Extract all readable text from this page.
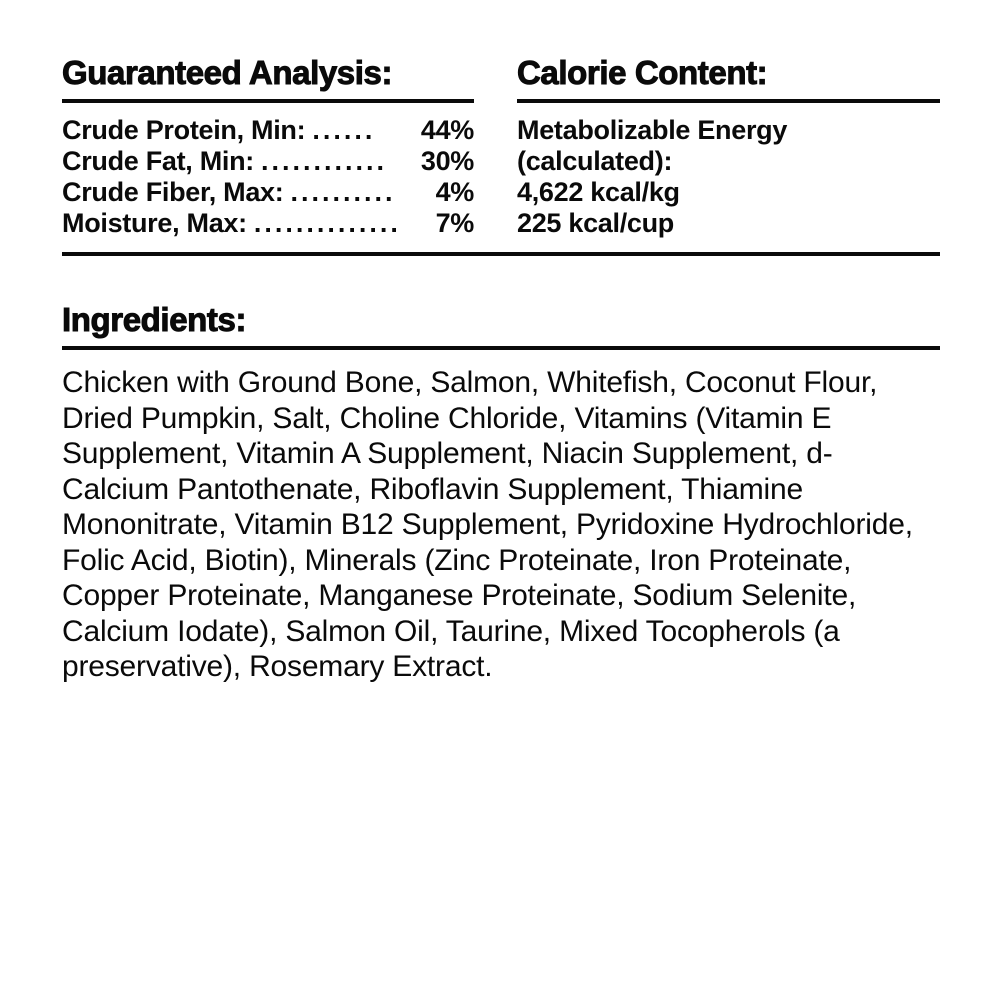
Guaranteed Analysis:
Crude Protein, Min: ...... 44%
Crude Fat, Min: ............ 30%
Crude Fiber, Max: .......... 4%
Moisture, Max: .............. 7%
Calorie Content:
Metabolizable Energy
(calculated):
4,622 kcal/kg
225 kcal/cup
Ingredients:
Chicken with Ground Bone, Salmon, Whitefish, Coconut Flour, Dried Pumpkin, Salt, Choline Chloride, Vitamins (Vitamin E Supplement, Vitamin A Supplement, Niacin Supplement, d-Calcium Pantothenate, Riboflavin Supplement, Thiamine Mononitrate, Vitamin B12 Supplement, Pyridoxine Hydrochloride, Folic Acid, Biotin), Minerals (Zinc Proteinate, Iron Proteinate, Copper Proteinate, Manganese Proteinate, Sodium Selenite, Calcium Iodate), Salmon Oil, Taurine, Mixed Tocopherols (a preservative), Rosemary Extract.
